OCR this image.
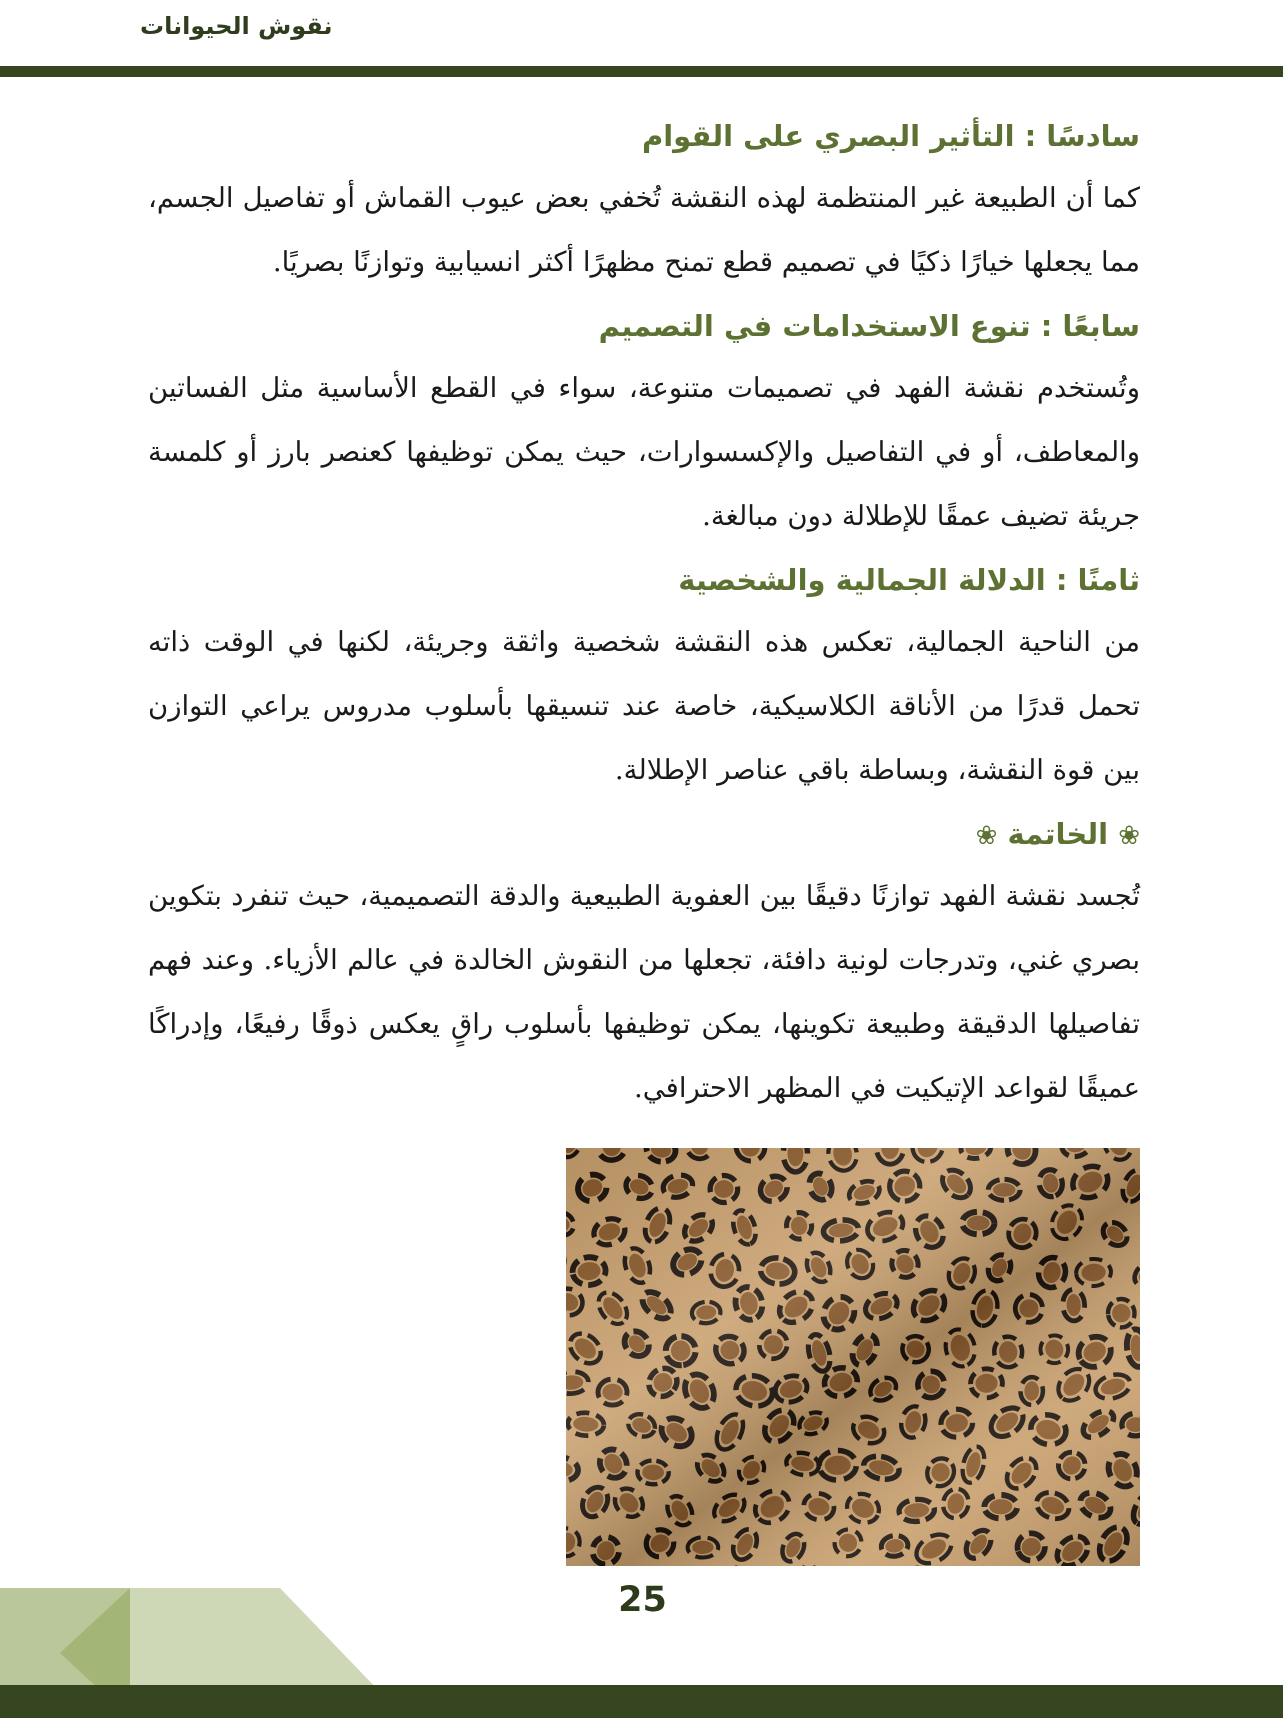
نقوش الحيوانات
سادسًا : التأثير البصري على القوام

كما أن الطبيعة غير المنتظمة لهذه النقشة تُخفي بعض عيوب القماش أو تفاصيل الجسم، مما يجعلها خيارًا ذكيًا في تصميم قطع تمنح مظهرًا أكثر انسيابية وتوازنًا بصريًا.

سابعًا : تنوع الاستخدامات في التصميم

وتُستخدم نقشة الفهد في تصميمات متنوعة، سواء في القطع الأساسية مثل الفساتين والمعاطف، أو في التفاصيل والإكسسوارات، حيث يمكن توظيفها كعنصر بارز أو كلمسة جريئة تضيف عمقًا للإطلالة دون مبالغة.

ثامنًا : الدلالة الجمالية والشخصية

من الناحية الجمالية، تعكس هذه النقشة شخصية واثقة وجريئة، لكنها في الوقت ذاته تحمل قدرًا من الأناقة الكلاسيكية، خاصة عند تنسيقها بأسلوب مدروس يراعي التوازن بين قوة النقشة، وبساطة باقي عناصر الإطلالة.

❀ الخاتمة ❀

تُجسد نقشة الفهد توازنًا دقيقًا بين العفوية الطبيعية والدقة التصميمية، حيث تنفرد بتكوين بصري غني، وتدرجات لونية دافئة، تجعلها من النقوش الخالدة في عالم الأزياء. وعند فهم تفاصيلها الدقيقة وطبيعة تكوينها، يمكن توظيفها بأسلوب راقٍ يعكس ذوقًا رفيعًا، وإدراكًا عميقًا لقواعد الإتيكيت في المظهر الاحترافي.

25
